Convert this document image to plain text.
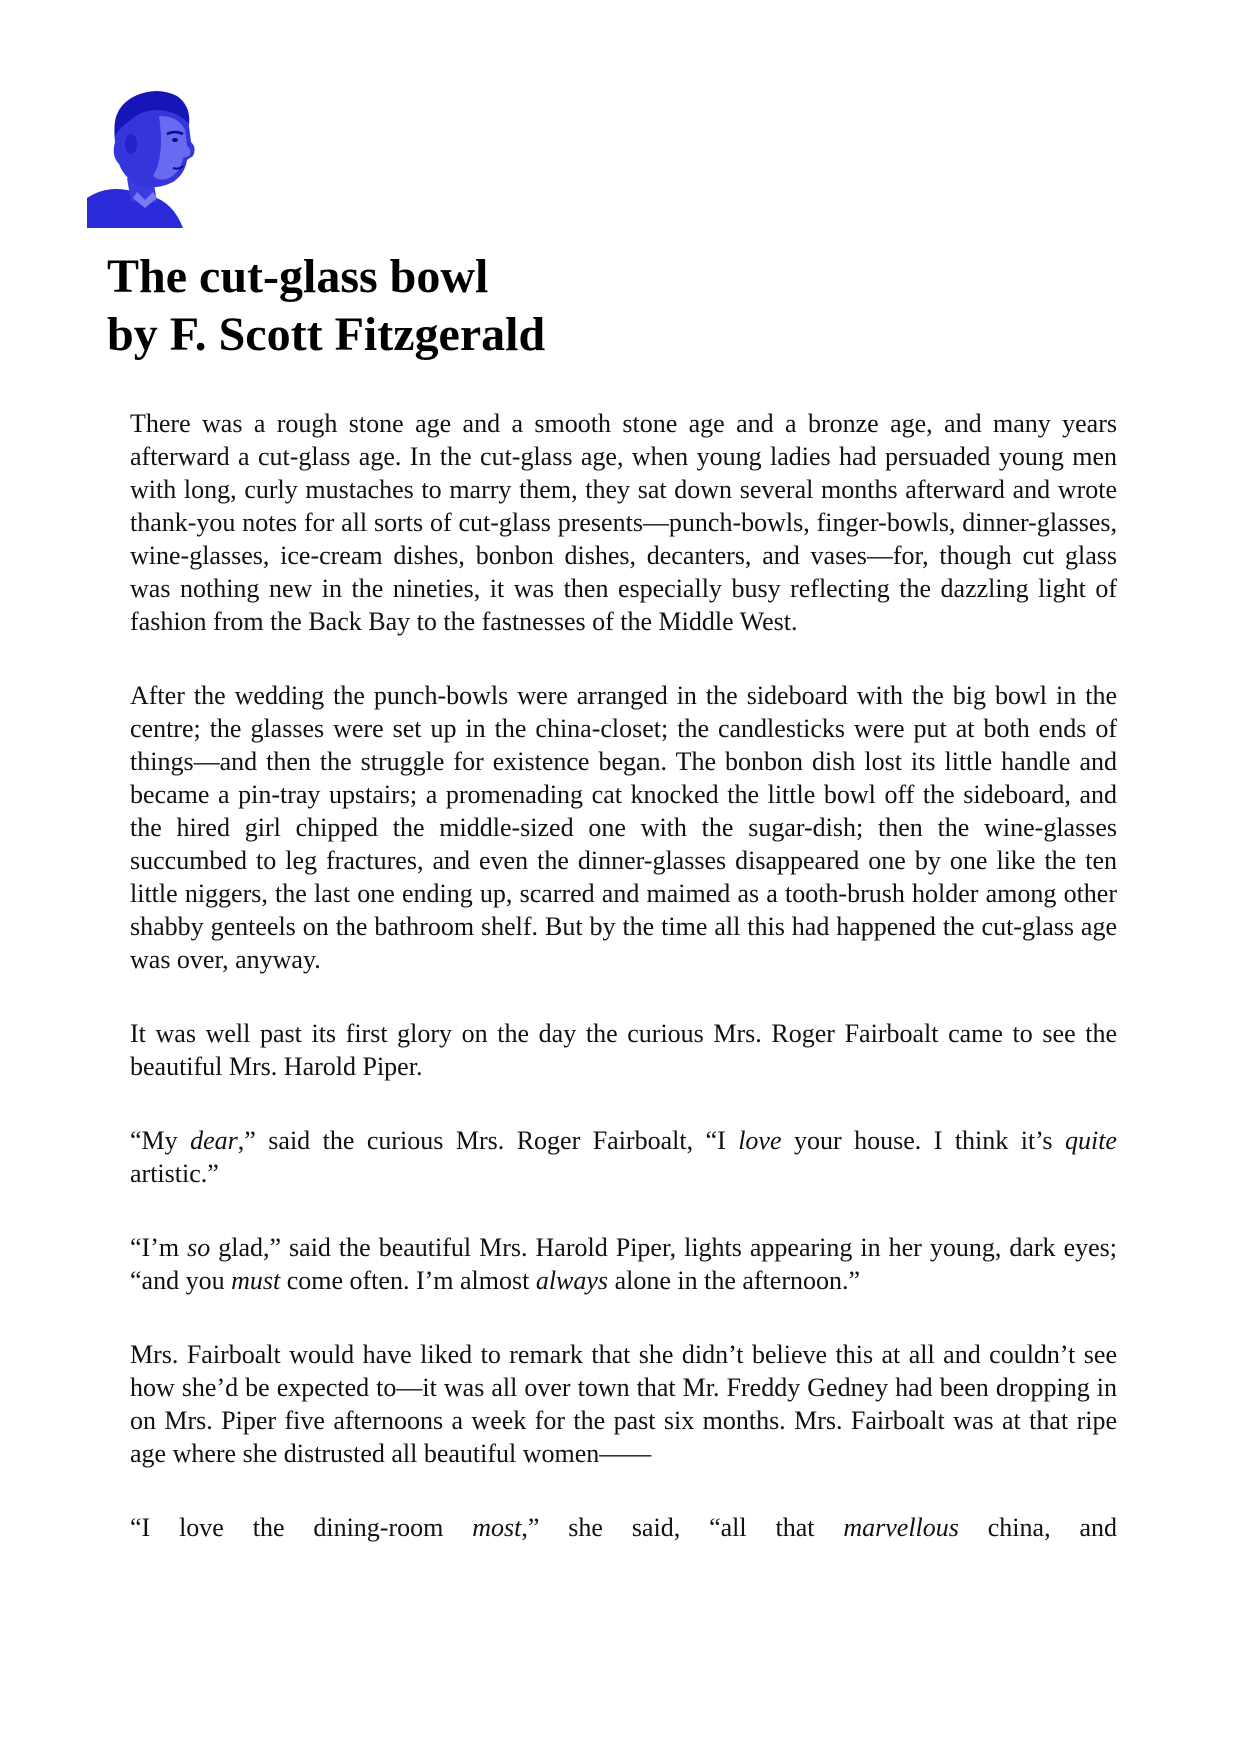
The cut-glass bowl
by F. Scott Fitzgerald

There was a rough stone age and a smooth stone age and a bronze age, and many years afterward a cut-glass age. In the cut-glass age, when young ladies had persuaded young men with long, curly mustaches to marry them, they sat down several months afterward and wrote thank-you notes for all sorts of cut-glass presents—punch-bowls, finger-bowls, dinner-glasses, wine-glasses, ice-cream dishes, bonbon dishes, decanters, and vases—for, though cut glass was nothing new in the nineties, it was then especially busy reflecting the dazzling light of fashion from the Back Bay to the fastnesses of the Middle West.

After the wedding the punch-bowls were arranged in the sideboard with the big bowl in the centre; the glasses were set up in the china-closet; the candlesticks were put at both ends of things—and then the struggle for existence began. The bonbon dish lost its little handle and became a pin-tray upstairs; a promenading cat knocked the little bowl off the sideboard, and the hired girl chipped the middle-sized one with the sugar-dish; then the wine-glasses succumbed to leg fractures, and even the dinner-glasses disappeared one by one like the ten little niggers, the last one ending up, scarred and maimed as a tooth-brush holder among other shabby genteels on the bathroom shelf. But by the time all this had happened the cut-glass age was over, anyway.

It was well past its first glory on the day the curious Mrs. Roger Fairboalt came to see the beautiful Mrs. Harold Piper.

“My dear,” said the curious Mrs. Roger Fairboalt, “I love your house. I think it’s quite artistic.”

“I’m so glad,” said the beautiful Mrs. Harold Piper, lights appearing in her young, dark eyes; “and you must come often. I’m almost always alone in the afternoon.”

Mrs. Fairboalt would have liked to remark that she didn’t believe this at all and couldn’t see how she’d be expected to—it was all over town that Mr. Freddy Gedney had been dropping in on Mrs. Piper five afternoons a week for the past six months. Mrs. Fairboalt was at that ripe age where she distrusted all beautiful women——

“I love the dining-room most,” she said, “all that marvellous china, and
